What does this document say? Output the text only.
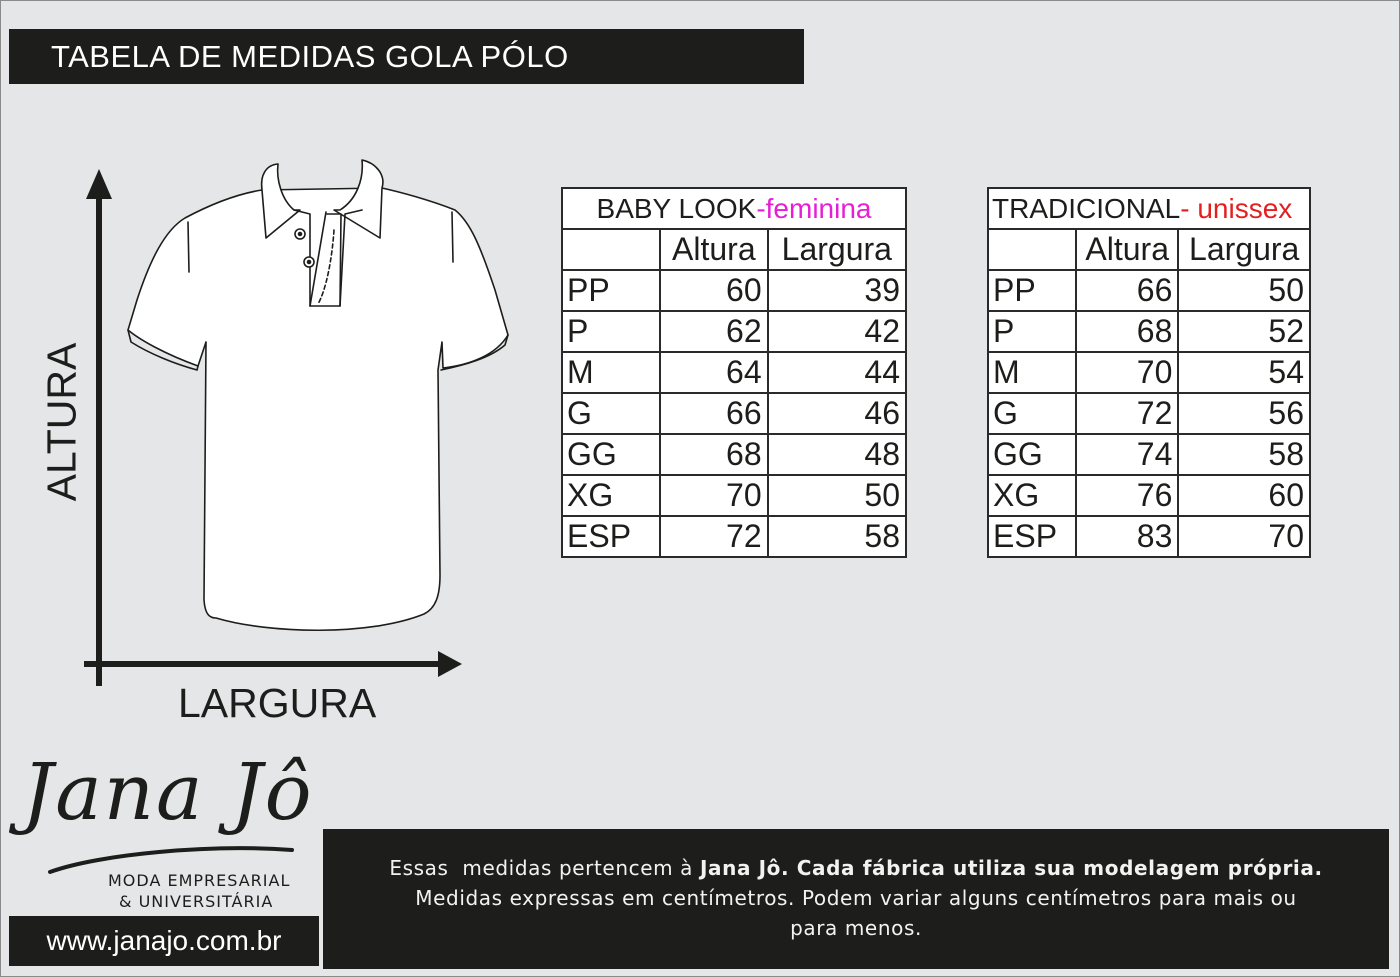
TABELA DE MEDIDAS GOLA PÓLO
ALTURA
LARGURA
BABY LOOK-feminina		
	Altura	Largura
PP	60	39
P	62	42
M	64	44
G	66	46
GG	68	48
XG	70	50
ESP	72	58
TRADICIONAL- unissex		
	Altura	Largura
PP	66	50
P	68	52
M	70	54
G	72	56
GG	74	58
XG	76	60
ESP	83	70
Jana Jô
MODA EMPRESARIAL
& UNIVERSITÁRIA
www.janajo.com.br
Essas  medidas pertencem à Jana Jô. Cada fábrica utiliza sua modelagem própria.
Medidas expressas em centímetros. Podem variar alguns centímetros para mais ou
para menos.
